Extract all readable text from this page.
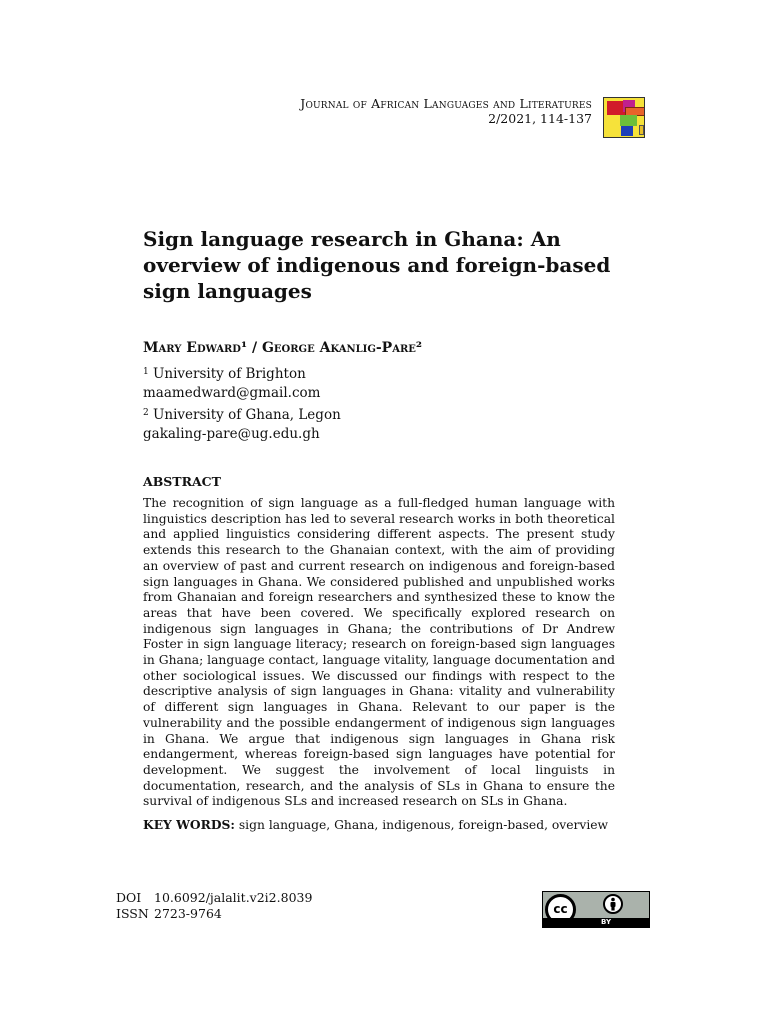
Journal of African Languages and Literatures
2/2021, 114-137
Sign language research in Ghana: An overview of indigenous and foreign-based sign languages
Mary Edward¹ / George Akanlig-Pare²
$^1$ University of Brighton
maamedward@gmail.com
$^2$ University of Ghana, Legon
gakaling-pare@ug.edu.gh
ABSTRACT

The recognition of sign language as a full-fledged human language with linguistics description has led to several research works in both theoretical and applied linguistics considering different aspects. The present study extends this research to the Ghanaian context, with the aim of providing an overview of past and current research on indigenous and foreign-based sign languages in Ghana. We considered published and unpublished works from Ghanaian and foreign researchers and synthesized these to know the areas that have been covered. We specifically explored research on indigenous sign languages in Ghana; the contributions of Dr Andrew Foster in sign language literacy; research on foreign-based sign languages in Ghana; language contact, language vitality, language documentation and other sociological issues. We discussed our findings with respect to the descriptive analysis of sign languages in Ghana: vitality and vulnerability of different sign languages in Ghana. Relevant to our paper is the vulnerability and the possible endangerment of indigenous sign languages in Ghana. We argue that indigenous sign languages in Ghana risk endangerment, whereas foreign-based sign languages have potential for development. We suggest the involvement of local linguists in documentation, research, and the analysis of SLs in Ghana to ensure the survival of indigenous SLs and increased research on SLs in Ghana.

KEY WORDS: sign language, Ghana, indigenous, foreign-based, overview
DOI 10.6092/jalalit.v2i2.8039
ISSN 2723-9764	cc
BY
